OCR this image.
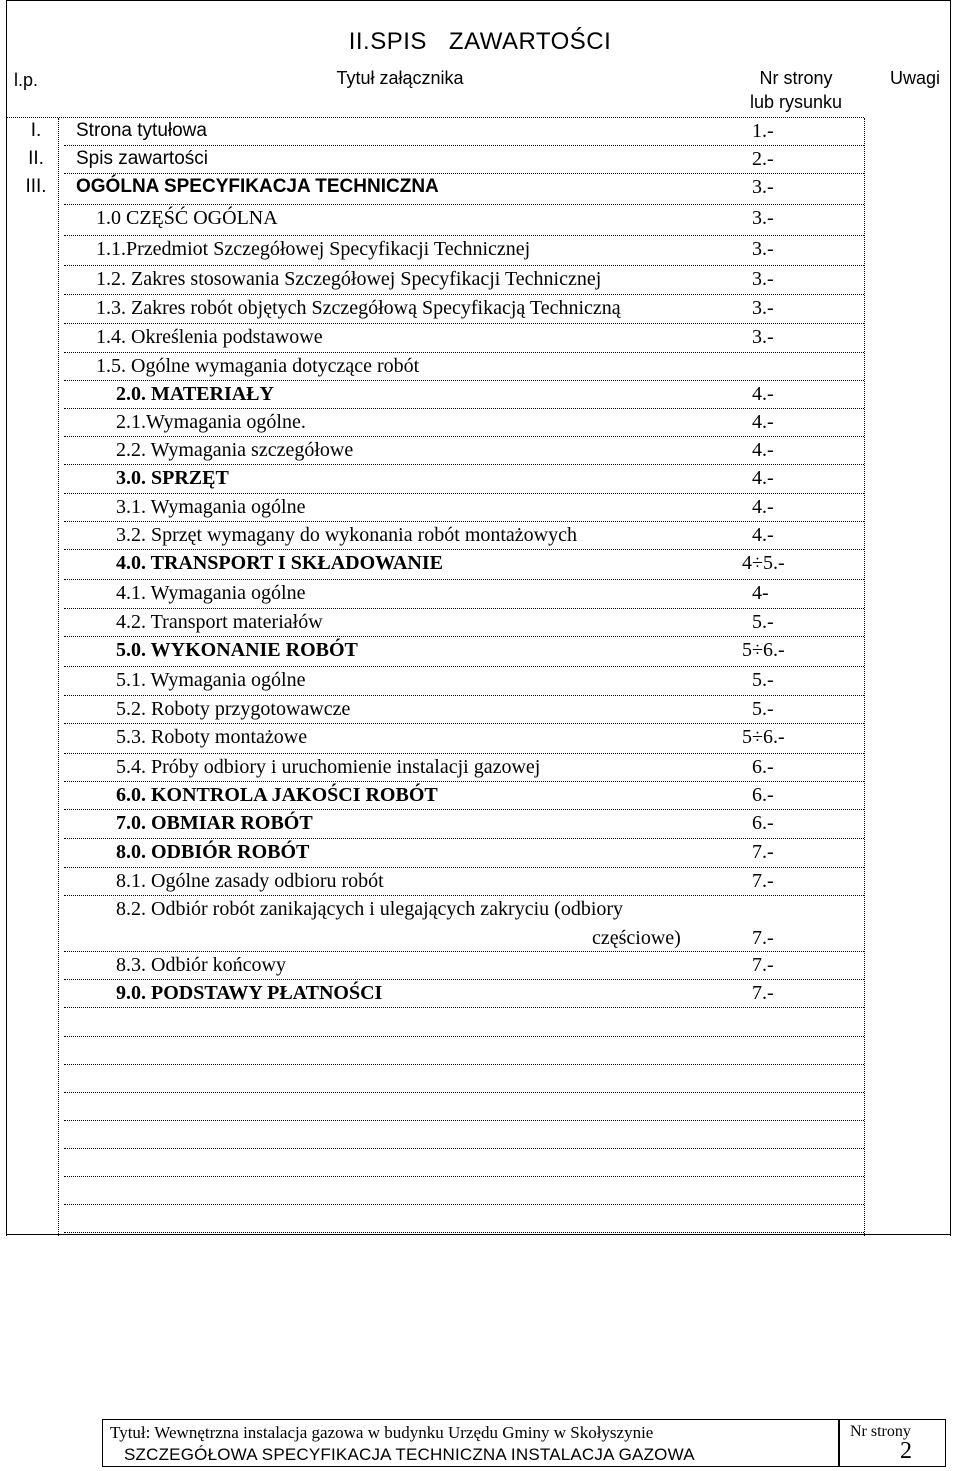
II.SPIS ZAWARTOŚCI
l.p.	Tytuł załącznika	Nr strony
lub rysunku
Uwagi
I.	Strona tytułowa	1.-
II.	Spis zawartości	2.-
III.	OGÓLNA SPECYFIKACJA TECHNICZNA	3.-
1.0 CZĘŚĆ OGÓLNA	3.-
1.1.Przedmiot Szczegółowej Specyfikacji Technicznej	3.-
1.2. Zakres stosowania Szczegółowej Specyfikacji Technicznej	3.-
1.3. Zakres robót objętych Szczegółową Specyfikacją Techniczną	3.-
1.4. Określenia podstawowe	3.-
1.5. Ogólne wymagania dotyczące robót
2.0. MATERIAŁY	4.-
2.1.Wymagania ogólne.	4.-
2.2. Wymagania szczegółowe	4.-
3.0. SPRZĘT	4.-
3.1. Wymagania ogólne	4.-
3.2. Sprzęt wymagany do wykonania robót montażowych	4.-
4.0. TRANSPORT I SKŁADOWANIE	4÷5.-
4.1. Wymagania ogólne	4-
4.2. Transport materiałów	5.-
5.0. WYKONANIE ROBÓT	5÷6.-
5.1. Wymagania ogólne	5.-
5.2. Roboty przygotowawcze	5.-
5.3. Roboty montażowe	5÷6.-
5.4. Próby odbiory i uruchomienie instalacji gazowej	6.-
6.0. KONTROLA JAKOŚCI ROBÓT	6.-
7.0. OBMIAR ROBÓT	6.-
8.0. ODBIÓR ROBÓT	7.-
8.1. Ogólne zasady odbioru robót	7.-
8.2. Odbiór robót zanikających i ulegających zakryciu (odbiory
częściowe)	7.-
8.3. Odbiór końcowy	7.-
9.0. PODSTAWY PŁATNOŚCI	7.-
Tytuł: Wewnętrzna instalacja gazowa w budynku Urzędu Gminy w Skołyszynie
SZCZEGÓŁOWA SPECYFIKACJA TECHNICZNA INSTALACJA GAZOWA
Nr strony
2
